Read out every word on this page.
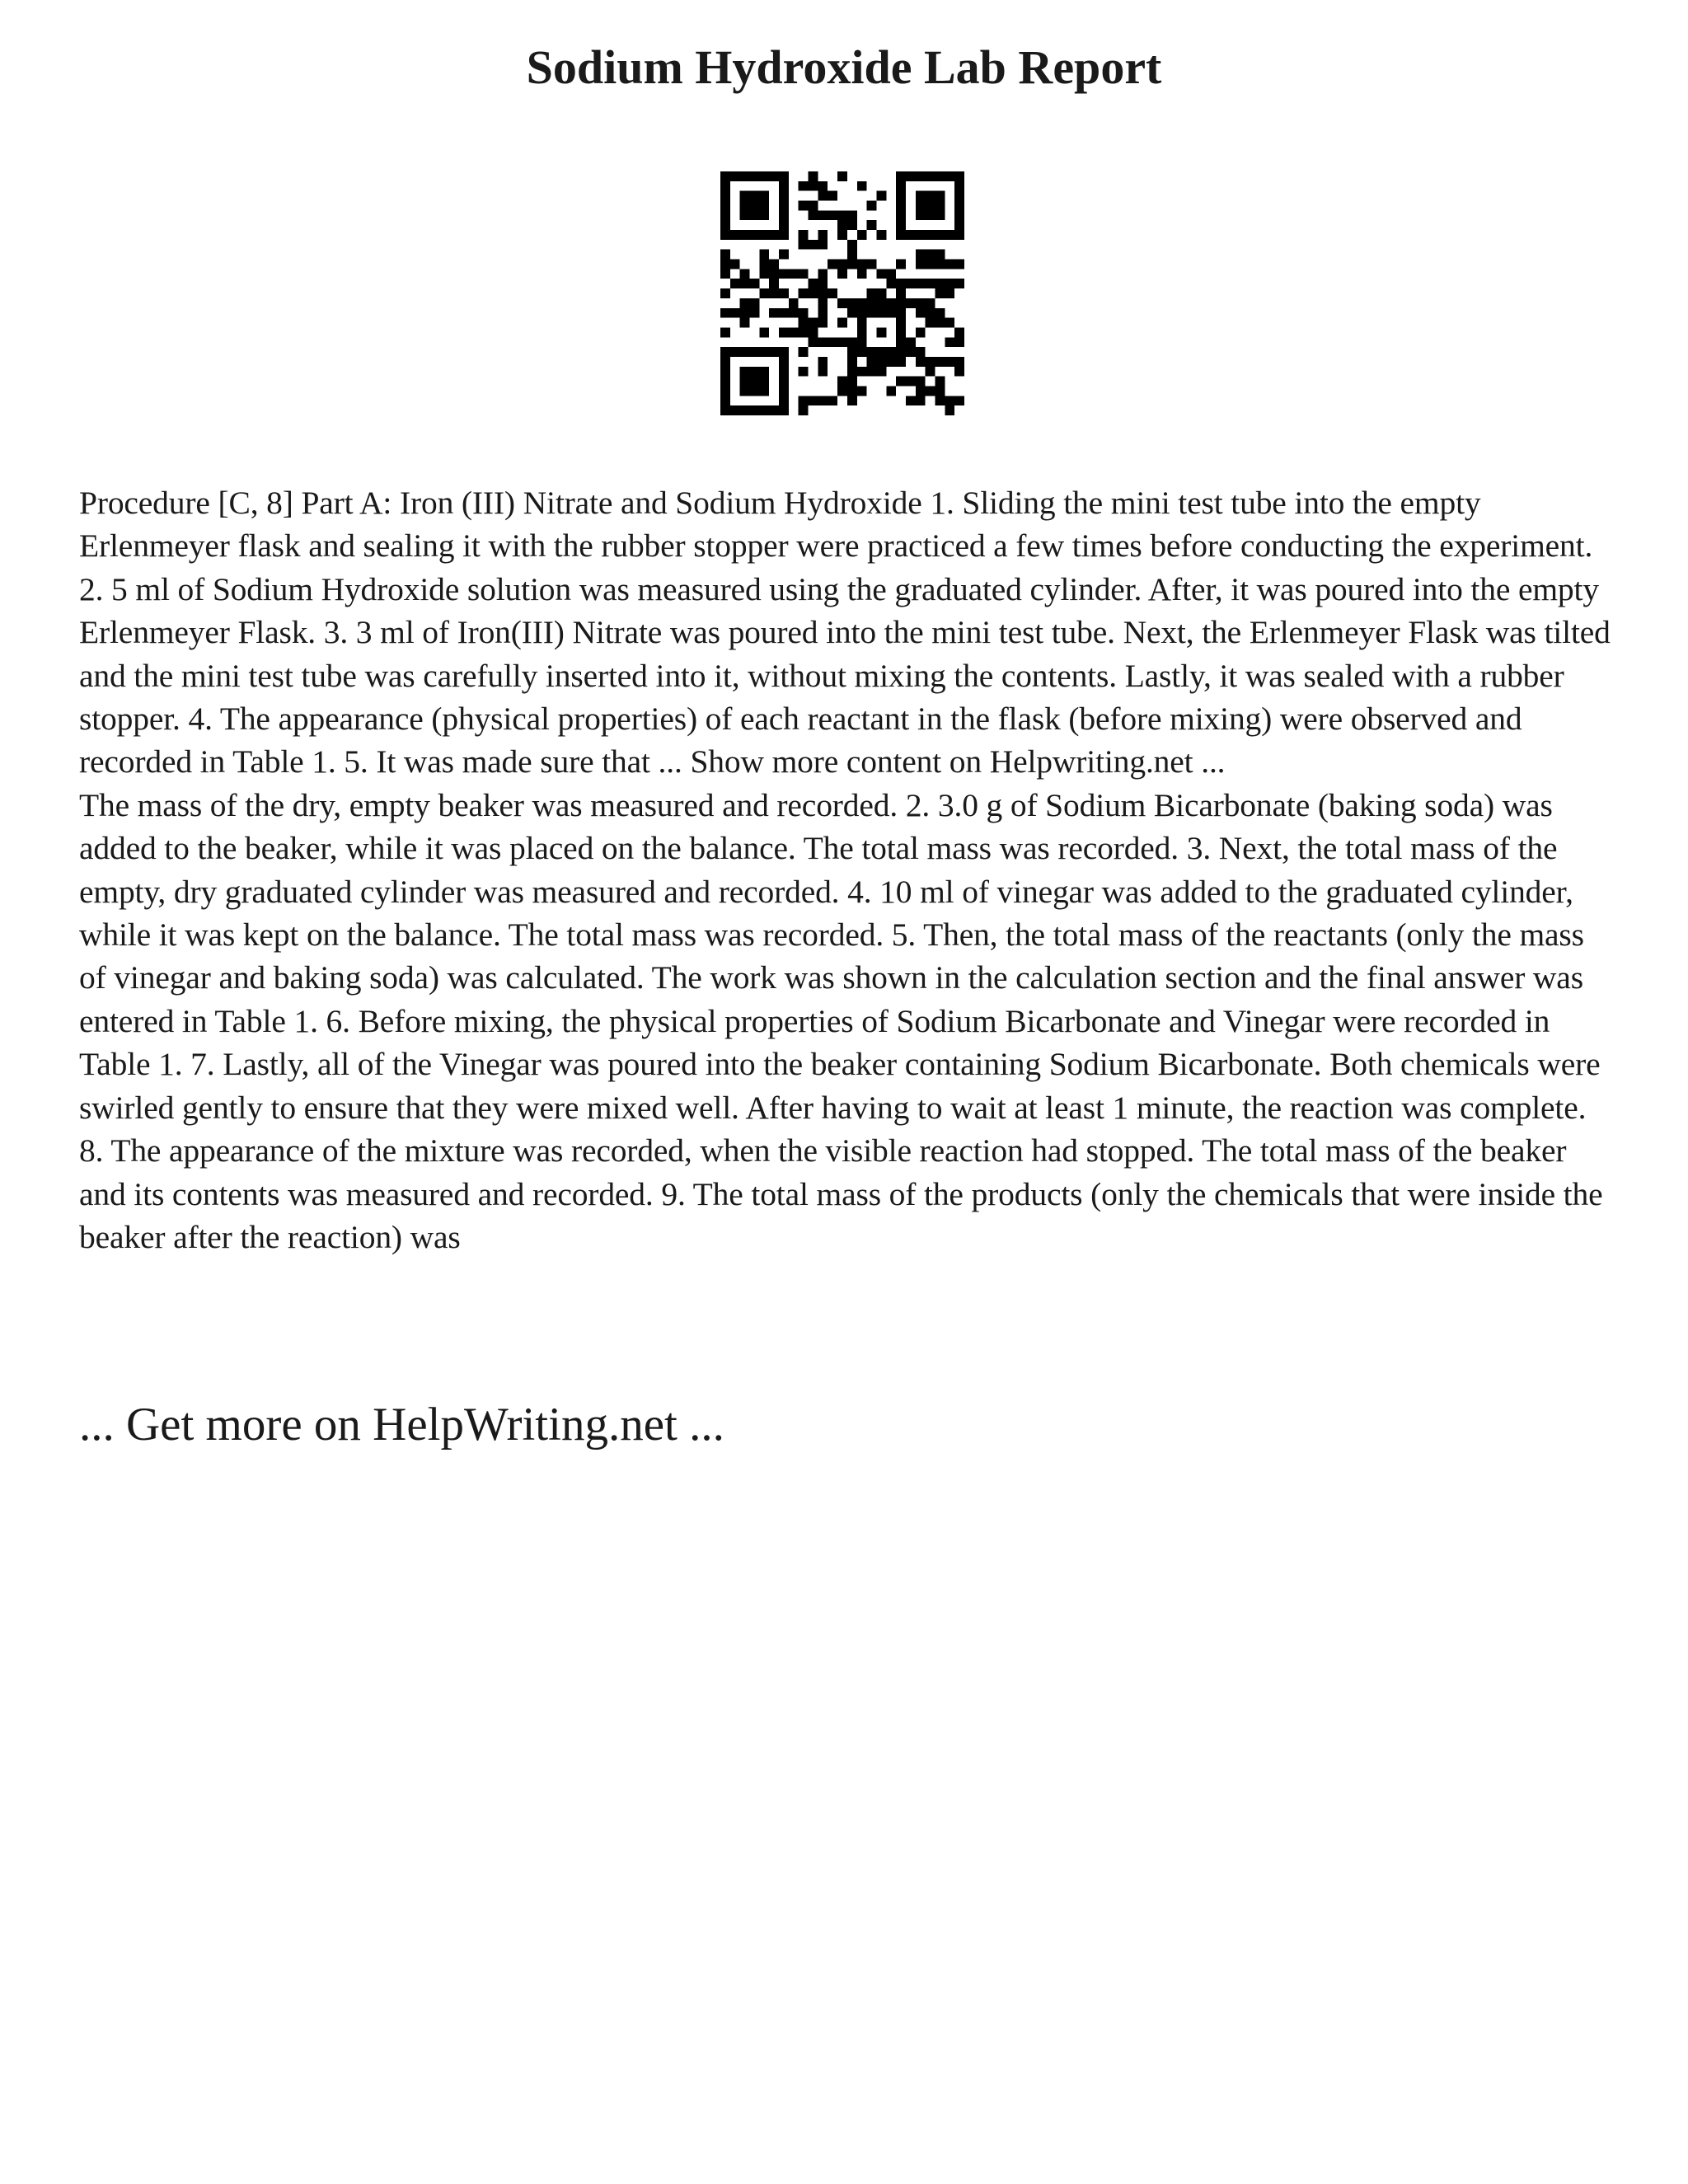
Sodium Hydroxide Lab Report

Procedure [C, 8] Part A: Iron (III) Nitrate and Sodium Hydroxide 1. Sliding the mini test tube into the empty Erlenmeyer flask and sealing it with the rubber stopper were practiced a few times before conducting the experiment. 2. 5 ml of Sodium Hydroxide solution was measured using the graduated cylinder. After, it was poured into the empty Erlenmeyer Flask. 3. 3 ml of Iron(III) Nitrate was poured into the mini test tube. Next, the Erlenmeyer Flask was tilted and the mini test tube was carefully inserted into it, without mixing the contents. Lastly, it was sealed with a rubber stopper. 4. The appearance (physical properties) of each reactant in the flask (before mixing) were observed and recorded in Table 1. 5. It was made sure that ... Show more content on Helpwriting.net ...

The mass of the dry, empty beaker was measured and recorded. 2. 3.0 g of Sodium Bicarbonate (baking soda) was added to the beaker, while it was placed on the balance. The total mass was recorded. 3. Next, the total mass of the empty, dry graduated cylinder was measured and recorded. 4. 10 ml of vinegar was added to the graduated cylinder, while it was kept on the balance. The total mass was recorded. 5. Then, the total mass of the reactants (only the mass of vinegar and baking soda) was calculated. The work was shown in the calculation section and the final answer was entered in Table 1. 6. Before mixing, the physical properties of Sodium Bicarbonate and Vinegar were recorded in Table 1. 7. Lastly, all of the Vinegar was poured into the beaker containing Sodium Bicarbonate. Both chemicals were swirled gently to ensure that they were mixed well. After having to wait at least 1 minute, the reaction was complete. 8. The appearance of the mixture was recorded, when the visible reaction had stopped. The total mass of the beaker and its contents was measured and recorded. 9. The total mass of the products (only the chemicals that were inside the beaker after the reaction) was

... Get more on HelpWriting.net ...
